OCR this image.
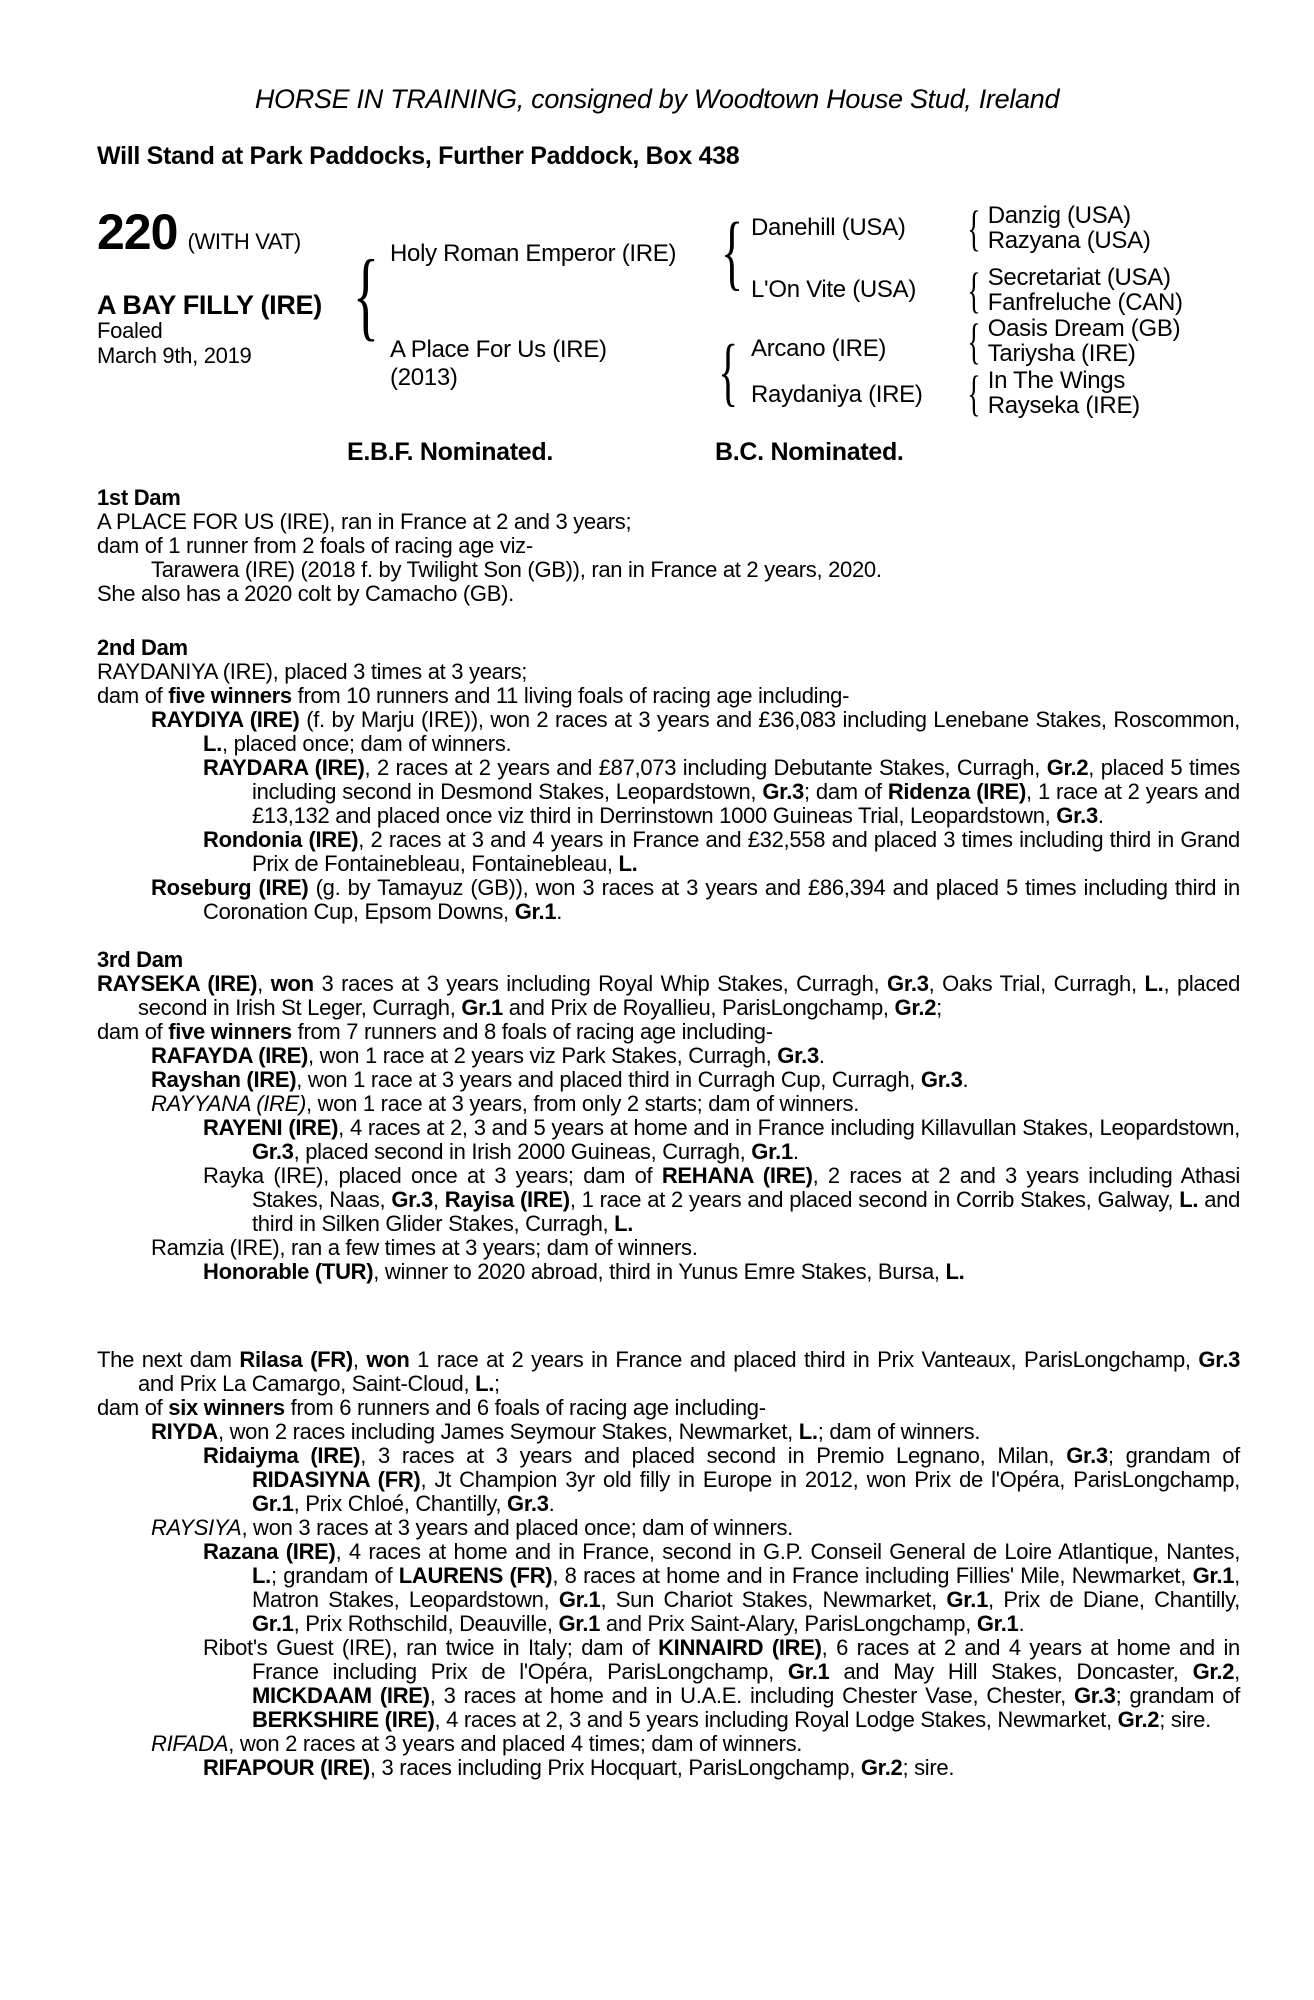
HORSE IN TRAINING, consigned by Woodtown House Stud, Ireland
Will Stand at Park Paddocks, Further Paddock, Box 438
220 (WITH VAT)
A BAY FILLY (IRE)
Foaled
March 9th, 2019
{ Holy Roman Emperor (IRE)
A Place For Us (IRE)
(2013)
{
{
Danehill (USA)
L'On Vite (USA)
Arcano (IRE)
Raydaniya (IRE)
{ Danzig (USA)
Razyana (USA)
{ Secretariat (USA)
Fanfreluche (CAN)
{ Oasis Dream (GB)
Tariysha (IRE)
{ In The Wings
Rayseka (IRE)
E.B.F. Nominated.	B.C. Nominated.
1st Dam

A PLACE FOR US (IRE), ran in France at 2 and 3 years;

dam of 1 runner from 2 foals of racing age viz-

Tarawera (IRE) (2018 f. by Twilight Son (GB)), ran in France at 2 years, 2020.

She also has a 2020 colt by Camacho (GB).

2nd Dam

RAYDANIYA (IRE), placed 3 times at 3 years;

dam of five winners from 10 runners and 11 living foals of racing age including-

RAYDIYA (IRE) (f. by Marju (IRE)), won 2 races at 3 years and £36,083 including Lenebane Stakes, Roscommon, L., placed once; dam of winners.

RAYDARA (IRE), 2 races at 2 years and £87,073 including Debutante Stakes, Curragh, Gr.2, placed 5 times including second in Desmond Stakes, Leopardstown, Gr.3; dam of Ridenza (IRE), 1 race at 2 years and £13,132 and placed once viz third in Derrinstown 1000 Guineas Trial, Leopardstown, Gr.3.

Rondonia (IRE), 2 races at 3 and 4 years in France and £32,558 and placed 3 times including third in Grand Prix de Fontainebleau, Fontainebleau, L.

Roseburg (IRE) (g. by Tamayuz (GB)), won 3 races at 3 years and £86,394 and placed 5 times including third in Coronation Cup, Epsom Downs, Gr.1.

3rd Dam

RAYSEKA (IRE), won 3 races at 3 years including Royal Whip Stakes, Curragh, Gr.3, Oaks Trial, Curragh, L., placed second in Irish St Leger, Curragh, Gr.1 and Prix de Royallieu, ParisLongchamp, Gr.2;

dam of five winners from 7 runners and 8 foals of racing age including-

RAFAYDA (IRE), won 1 race at 2 years viz Park Stakes, Curragh, Gr.3.

Rayshan (IRE), won 1 race at 3 years and placed third in Curragh Cup, Curragh, Gr.3.

RAYYANA (IRE), won 1 race at 3 years, from only 2 starts; dam of winners.

RAYENI (IRE), 4 races at 2, 3 and 5 years at home and in France including Killavullan Stakes, Leopardstown, Gr.3, placed second in Irish 2000 Guineas, Curragh, Gr.1.

Rayka (IRE), placed once at 3 years; dam of REHANA (IRE), 2 races at 2 and 3 years including Athasi Stakes, Naas, Gr.3, Rayisa (IRE), 1 race at 2 years and placed second in Corrib Stakes, Galway, L. and third in Silken Glider Stakes, Curragh, L.

Ramzia (IRE), ran a few times at 3 years; dam of winners.

Honorable (TUR), winner to 2020 abroad, third in Yunus Emre Stakes, Bursa, L.

The next dam Rilasa (FR), won 1 race at 2 years in France and placed third in Prix Vanteaux, ParisLongchamp, Gr.3 and Prix La Camargo, Saint-Cloud, L.;

dam of six winners from 6 runners and 6 foals of racing age including-

RIYDA, won 2 races including James Seymour Stakes, Newmarket, L.; dam of winners.

Ridaiyma (IRE), 3 races at 3 years and placed second in Premio Legnano, Milan, Gr.3; grandam of RIDASIYNA (FR), Jt Champion 3yr old filly in Europe in 2012, won Prix de l'Opéra, ParisLongchamp, Gr.1, Prix Chloé, Chantilly, Gr.3.

RAYSIYA, won 3 races at 3 years and placed once; dam of winners.

Razana (IRE), 4 races at home and in France, second in G.P. Conseil General de Loire Atlantique, Nantes, L.; grandam of LAURENS (FR), 8 races at home and in France including Fillies' Mile, Newmarket, Gr.1, Matron Stakes, Leopardstown, Gr.1, Sun Chariot Stakes, Newmarket, Gr.1, Prix de Diane, Chantilly, Gr.1, Prix Rothschild, Deauville, Gr.1 and Prix Saint-Alary, ParisLongchamp, Gr.1.

Ribot's Guest (IRE), ran twice in Italy; dam of KINNAIRD (IRE), 6 races at 2 and 4 years at home and in France including Prix de l'Opéra, ParisLongchamp, Gr.1 and May Hill Stakes, Doncaster, Gr.2, MICKDAAM (IRE), 3 races at home and in U.A.E. including Chester Vase, Chester, Gr.3; grandam of BERKSHIRE (IRE), 4 races at 2, 3 and 5 years including Royal Lodge Stakes, Newmarket, Gr.2; sire.

RIFADA, won 2 races at 3 years and placed 4 times; dam of winners.

RIFAPOUR (IRE), 3 races including Prix Hocquart, ParisLongchamp, Gr.2; sire.
